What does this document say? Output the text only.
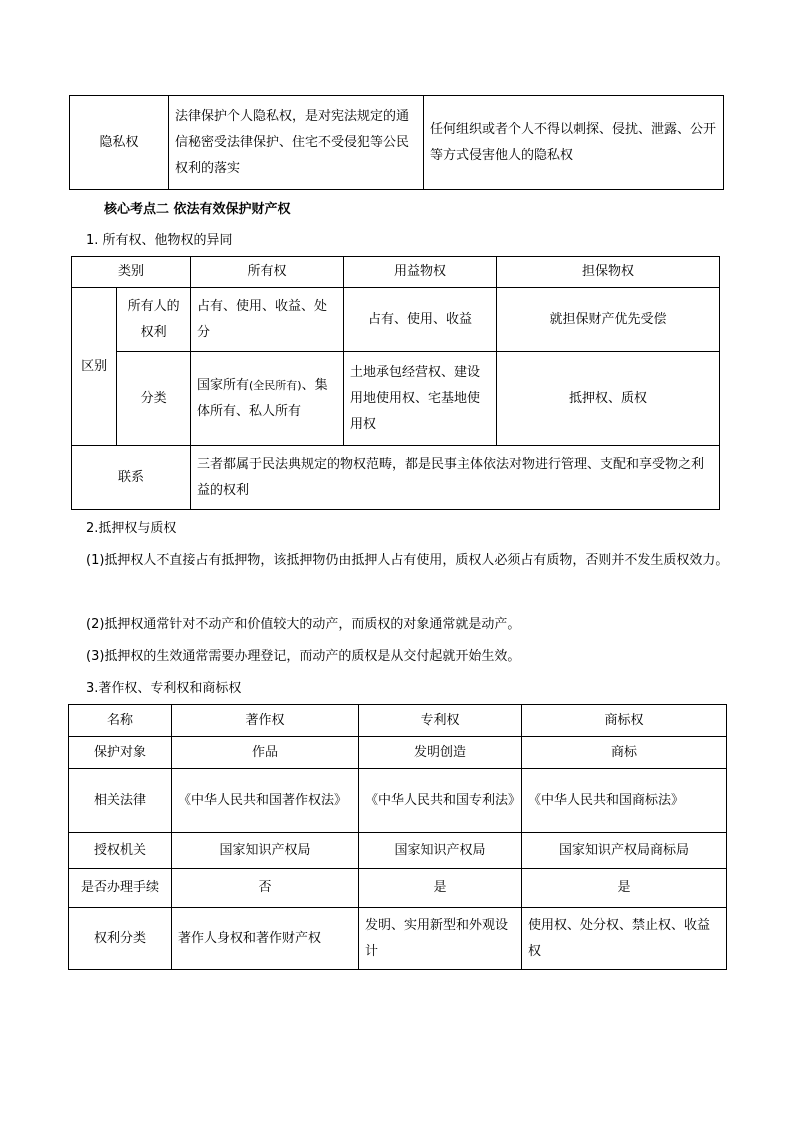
隐私权	法律保护个人隐私权，是对宪法规定的通信秘密受法律保护、住宅不受侵犯等公民权利的落实	任何组织或者个人不得以刺探、侵扰、泄露、公开等方式侵害他人的隐私权
核心考点二 依法有效保护财产权
1. 所有权、他物权的异同
类别		所有权	用益物权	担保物权
区别	所有人的权利	占有、使用、收益、处分	占有、使用、收益	就担保财产优先受偿
	分类	国家所有(全民所有)、集体所有、私人所有	土地承包经营权、建设用地使用权、宅基地使用权	抵押权、质权
联系		三者都属于民法典规定的物权范畴，都是民事主体依法对物进行管理、支配和享受物之利益的权利		
2.抵押权与质权

(1)抵押权人不直接占有抵押物，该抵押物仍由抵押人占有使用，质权人必须占有质物，否则并不发生质权效力。

(2)抵押权通常针对不动产和价值较大的动产，而质权的对象通常就是动产。

(3)抵押权的生效通常需要办理登记，而动产的质权是从交付起就开始生效。

3.著作权、专利权和商标权
名称	著作权	专利权	商标权
保护对象	作品	发明创造	商标
相关法律	《中华人民共和国著作权法》	《中华人民共和国专利法》	《中华人民共和国商标法》
授权机关	国家知识产权局	国家知识产权局	国家知识产权局商标局
是否办理手续	否	是	是
权利分类	著作人身权和著作财产权	发明、实用新型和外观设计	使用权、处分权、禁止权、收益权
